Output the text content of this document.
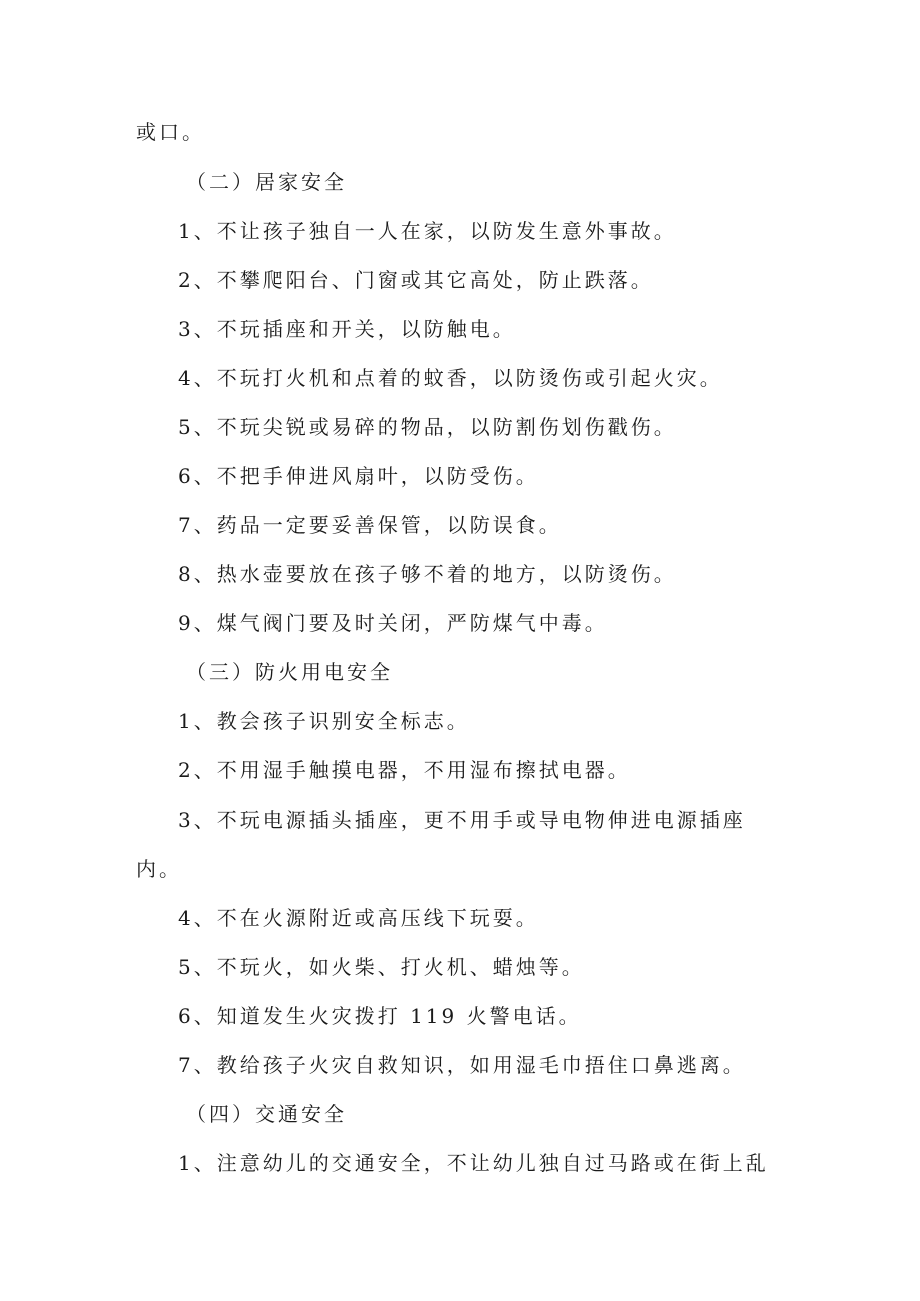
或口。
（二）居家安全
1、不让孩子独自一人在家，以防发生意外事故。
2、不攀爬阳台、门窗或其它高处，防止跌落。
3、不玩插座和开关，以防触电。
4、不玩打火机和点着的蚊香，以防烫伤或引起火灾。
5、不玩尖锐或易碎的物品，以防割伤划伤戳伤。
6、不把手伸进风扇叶，以防受伤。
7、药品一定要妥善保管，以防误食。
8、热水壶要放在孩子够不着的地方，以防烫伤。
9、煤气阀门要及时关闭，严防煤气中毒。
（三）防火用电安全
1、教会孩子识别安全标志。
2、不用湿手触摸电器，不用湿布擦拭电器。
3、不玩电源插头插座，更不用手或导电物伸进电源插座
内。
4、不在火源附近或高压线下玩耍。
5、不玩火，如火柴、打火机、蜡烛等。
6、知道发生火灾拨打 119 火警电话。
7、教给孩子火灾自救知识，如用湿毛巾捂住口鼻逃离。
（四）交通安全
1、注意幼儿的交通安全，不让幼儿独自过马路或在街上乱
